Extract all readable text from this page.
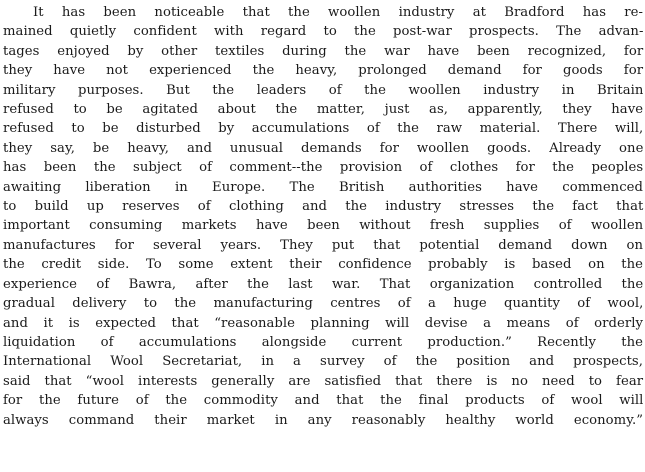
It has been noticeable that the woollen industry at Bradford has re-
mained quietly confident with regard to the post-war prospects. The advan-
tages enjoyed by other textiles during the war have been recognized, for
they have not experienced the heavy, prolonged demand for goods for
military purposes. But the leaders of the woollen industry in Britain
refused to be agitated about the matter, just as, apparently, they have
refused to be disturbed by accumulations of the raw material. There will,
they say, be heavy, and unusual demands for woollen goods. Already one
has been the subject of comment--the provision of clothes for the peoples
awaiting liberation in Europe. The British authorities have commenced
to build up reserves of clothing and the industry stresses the fact that
important consuming markets have been without fresh supplies of woollen
manufactures for several years. They put that potential demand down on
the credit side. To some extent their confidence probably is based on the
experience of Bawra, after the last war. That organization controlled the
gradual delivery to the manufacturing centres of a huge quantity of wool,
and it is expected that “reasonable planning will devise a means of orderly
liquidation of accumulations alongside current production.” Recently the
International Wool Secretariat, in a survey of the position and prospects,
said that “wool interests generally are satisfied that there is no need to fear
for the future of the commodity and that the final products of wool will
always command their market in any reasonably healthy world economy.”
